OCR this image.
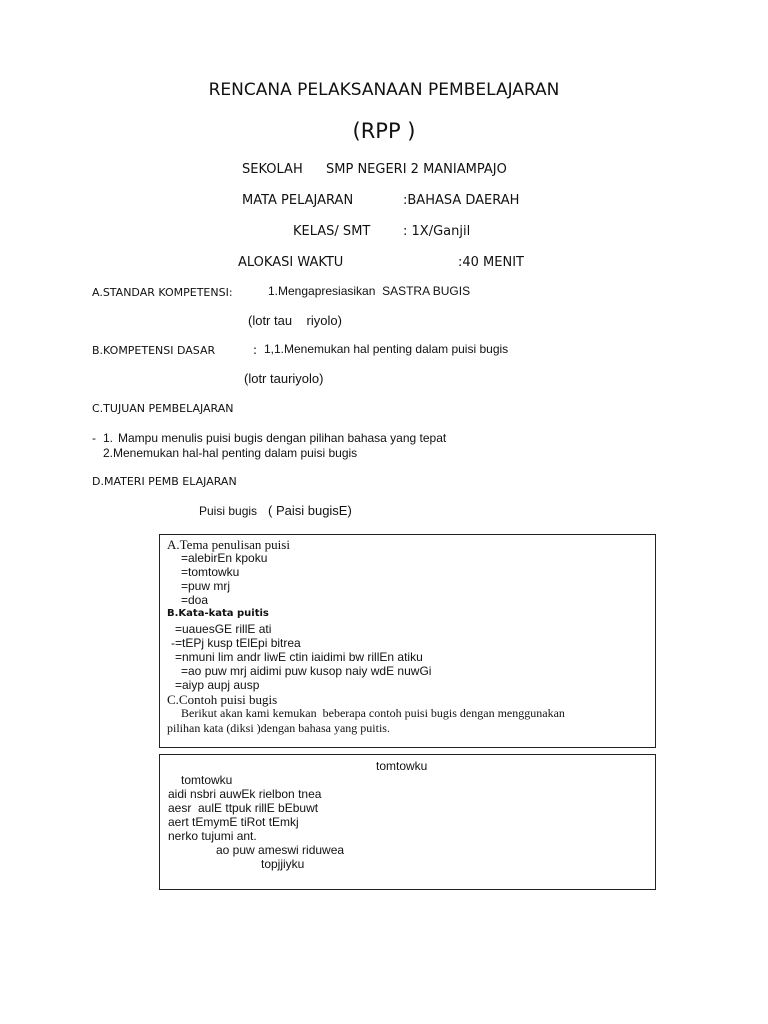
RENCANA PELAKSANAAN PEMBELAJARAN
(RPP )
SEKOLAH SMP NEGERI 2 MANIAMPAJO
MATA PELAJARAN	:BAHASA DAERAH
KELAS/ SMT	: 1X/Ganjil
ALOKASI WAKTU	:40 MENIT
A.STANDAR KOMPETENSI:	1.Mengapresiasikan  SASTRA BUGIS
(lotr tau    riyolo)
B.KOMPETENSI DASAR	: 1,1.Menemukan hal penting dalam puisi bugis
(lotr tauriyolo)
C.TUJUAN PEMBELAJARAN
- 1. Mampu menulis puisi bugis dengan pilihan bahasa yang tepat
2.Menemukan hal-hal penting dalam puisi bugis
D.MATERI PEMB ELAJARAN
Puisi bugis ( Paisi bugisE)
A.Tema penulisan puisi
=alebirEn kpoku
=tomtowku
=puw mrj
=doa
B.Kata-kata puitis
=uauesGE rillE ati
-=tEPj kusp tElEpi bitrea
=nmuni lim andr liwE ctin iaidimi bw rillEn atiku
=ao puw mrj aidimi puw kusop naiy wdE nuwGi
=aiyp aupj ausp
C.Contoh puisi bugis
Berikut akan kami kemukan  beberapa contoh puisi bugis dengan menggunakan
pilihan kata (diksi )dengan bahasa yang puitis.
tomtowku
tomtowku
aidi nsbri auwEk rielbon tnea
aesr  aulE ttpuk rillE bEbuwt
aert tEmymE tiRot tEmkj
nerko tujumi ant.
ao puw ameswi riduwea
topjjiyku
